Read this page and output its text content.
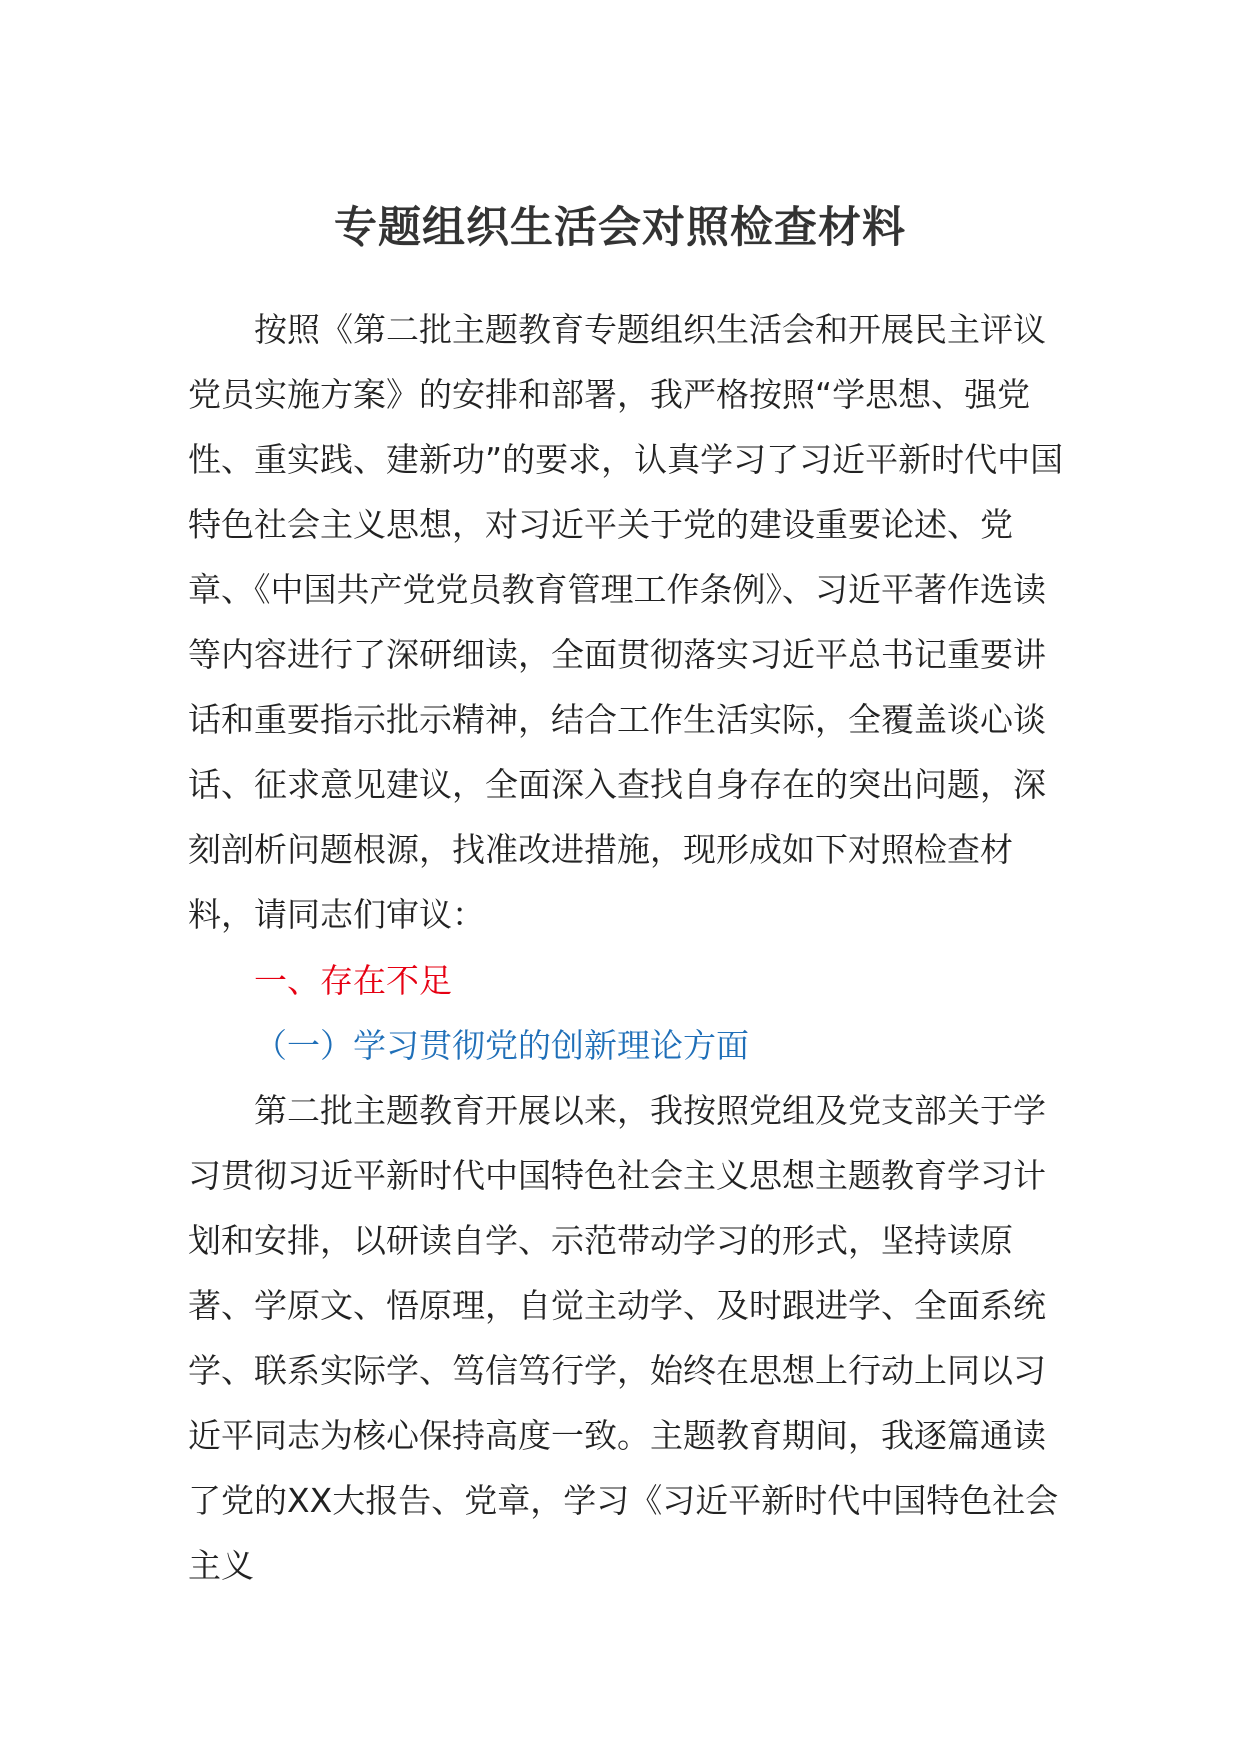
专题组织生活会对照检查材料

按照《第二批主题教育专题组织生活会和开展民主评议党员实施方案》的安排和部署，我严格按照“学思想、强党性、重实践、建新功”的要求，认真学习了习近平新时代中国特色社会主义思想，对习近平关于党的建设重要论述、党章、《中国共产党党员教育管理工作条例》、习近平著作选读等内容进行了深研细读，全面贯彻落实习近平总书记重要讲话和重要指示批示精神，结合工作生活实际，全覆盖谈心谈话、征求意见建议，全面深入查找自身存在的突出问题，深刻剖析问题根源，找准改进措施，现形成如下对照检查材料，请同志们审议：

一、存在不足

（一）学习贯彻党的创新理论方面

第二批主题教育开展以来，我按照党组及党支部关于学习贯彻习近平新时代中国特色社会主义思想主题教育学习计划和安排，以研读自学、示范带动学习的形式，坚持读原著、学原文、悟原理，自觉主动学、及时跟进学、全面系统学、联系实际学、笃信笃行学，始终在思想上行动上同以习近平同志为核心保持高度一致。主题教育期间，我逐篇通读了党的XX大报告、党章，学习《习近平新时代中国特色社会主义
